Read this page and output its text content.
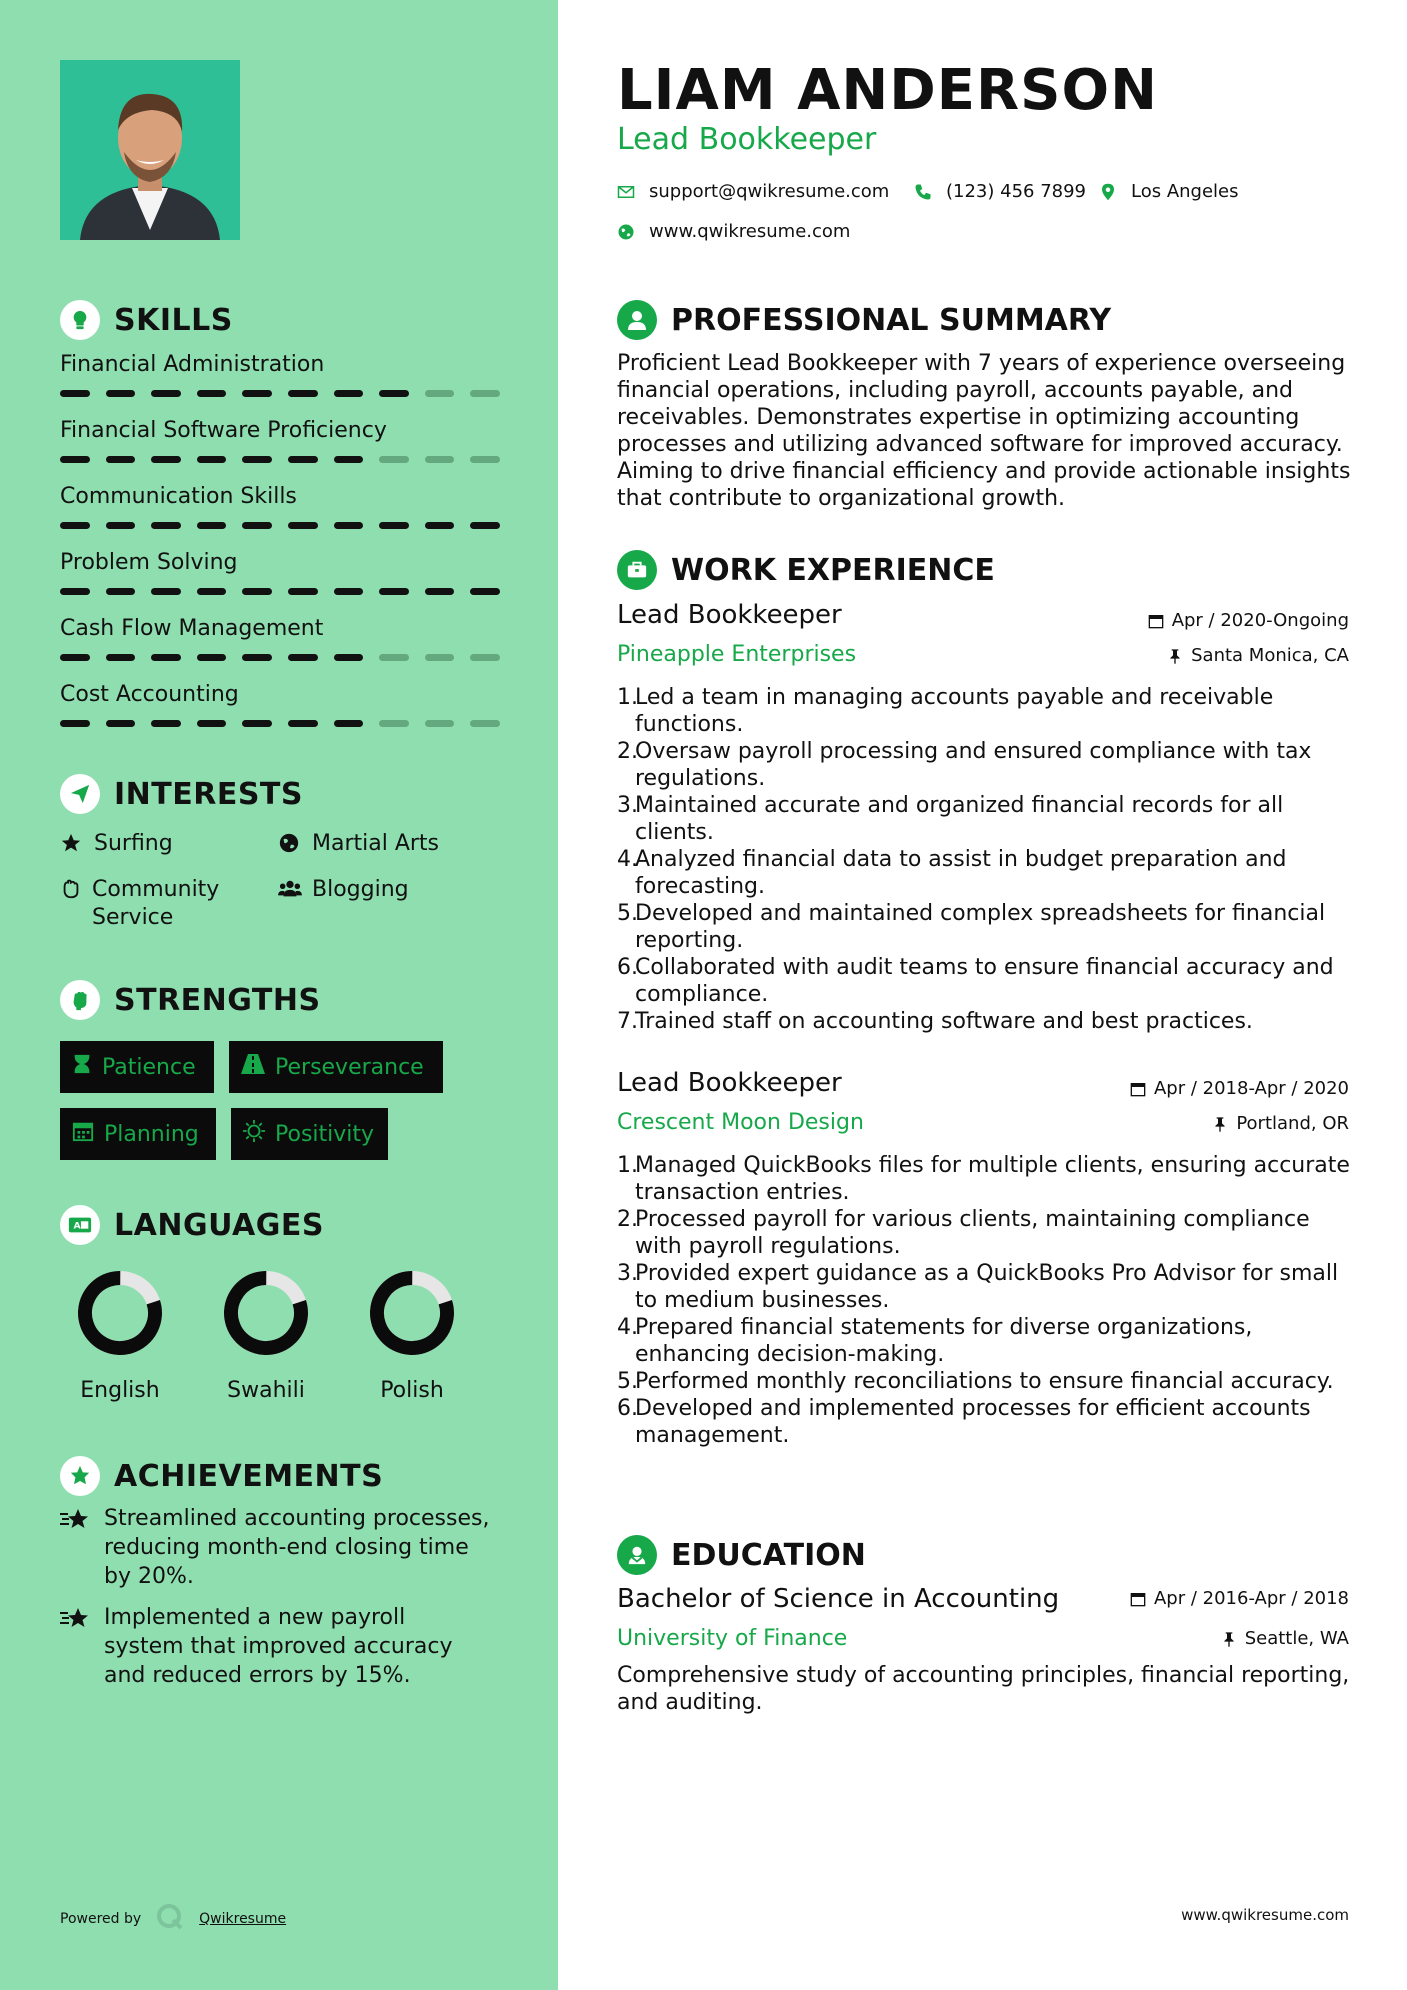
SKILLS
Financial Administration
Financial Software Proficiency
Communication Skills
Problem Solving
Cash Flow Management
Cost Accounting
INTERESTS
Surfing	Martial Arts
Community Service
Blogging
STRENGTHS
Patience	Perseverance
Planning	Positivity
A LANGUAGES
English	Swahili	Polish
ACHIEVEMENTS
Streamlined accounting processes, reducing month-end closing time by 20%.
Implemented a new payroll system that improved accuracy and reduced errors by 15%.
Powered by	Qwikresume
LIAM ANDERSON
Lead Bookkeeper
support@qwikresume.com	(123) 456 7899 Los Angeles
www.qwikresume.com
PROFESSIONAL SUMMARY
Proficient Lead Bookkeeper with 7 years of experience overseeing financial operations, including payroll, accounts payable, and receivables. Demonstrates expertise in optimizing accounting processes and utilizing advanced software for improved accuracy. Aiming to drive financial efficiency and provide actionable insights that contribute to organizational growth.
WORK EXPERIENCE
Lead Bookkeeper	Apr / 2020-Ongoing
Pineapple Enterprises	Santa Monica, CA
1.
Led a team in managing accounts payable and receivable functions.
2.
Oversaw payroll processing and ensured compliance with tax regulations.
3.
Maintained accurate and organized financial records for all clients.
4.
Analyzed financial data to assist in budget preparation and forecasting.
5.
Developed and maintained complex spreadsheets for financial reporting.
6.
Collaborated with audit teams to ensure financial accuracy and compliance.
7.
Trained staff on accounting software and best practices.
Lead Bookkeeper	Apr / 2018-Apr / 2020
Crescent Moon Design	Portland, OR
1.
Managed QuickBooks files for multiple clients, ensuring accurate transaction entries.
2.
Processed payroll for various clients, maintaining compliance with payroll regulations.
3.
Provided expert guidance as a QuickBooks Pro Advisor for small to medium businesses.
4.
Prepared financial statements for diverse organizations, enhancing decision-making.
5.
Performed monthly reconciliations to ensure financial accuracy.
6.
Developed and implemented processes for efficient accounts management.
EDUCATION
Bachelor of Science in Accounting	Apr / 2016-Apr / 2018
University of Finance	Seattle, WA
Comprehensive study of accounting principles, financial reporting, and auditing.
www.qwikresume.com
